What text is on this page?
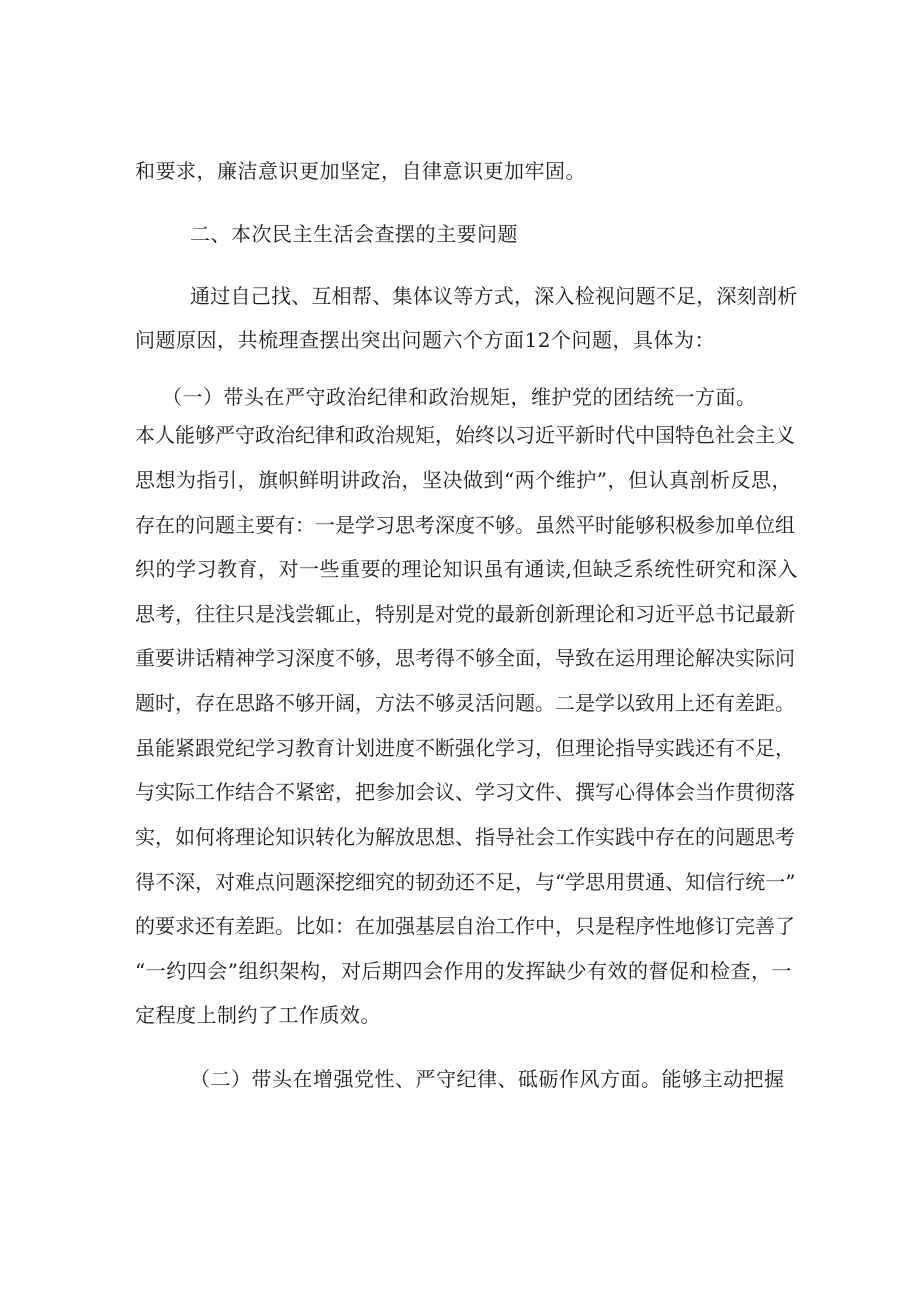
和要求，廉洁意识更加坚定，自律意识更加牢固。
二、本次民主生活会查摆的主要问题
通过自己找、互相帮、集体议等方式，深入检视问题不足，深刻剖析
问题原因，共梳理查摆出突出问题六个方面12个问题，具体为：
（一）带头在严守政治纪律和政治规矩，维护党的团结统一方面。
本人能够严守政治纪律和政治规矩，始终以习近平新时代中国特色社会主义
思想为指引，旗帜鲜明讲政治，坚决做到“两个维护”，但认真剖析反思，
存在的问题主要有：一是学习思考深度不够。虽然平时能够积极参加单位组
织的学习教育，对一些重要的理论知识虽有通读,但缺乏系统性研究和深入
思考，往往只是浅尝辄止，特别是对党的最新创新理论和习近平总书记最新
重要讲话精神学习深度不够，思考得不够全面，导致在运用理论解决实际问
题时，存在思路不够开阔，方法不够灵活问题。二是学以致用上还有差距。
虽能紧跟党纪学习教育计划进度不断强化学习，但理论指导实践还有不足，
与实际工作结合不紧密，把参加会议、学习文件、撰写心得体会当作贯彻落
实，如何将理论知识转化为解放思想、指导社会工作实践中存在的问题思考
得不深，对难点问题深挖细究的韧劲还不足，与“学思用贯通、知信行统一”
的要求还有差距。比如：在加强基层自治工作中，只是程序性地修订完善了
“一约四会”组织架构，对后期四会作用的发挥缺少有效的督促和检查，一
定程度上制约了工作质效。
（二）带头在增强党性、严守纪律、砥砺作风方面。能够主动把握
